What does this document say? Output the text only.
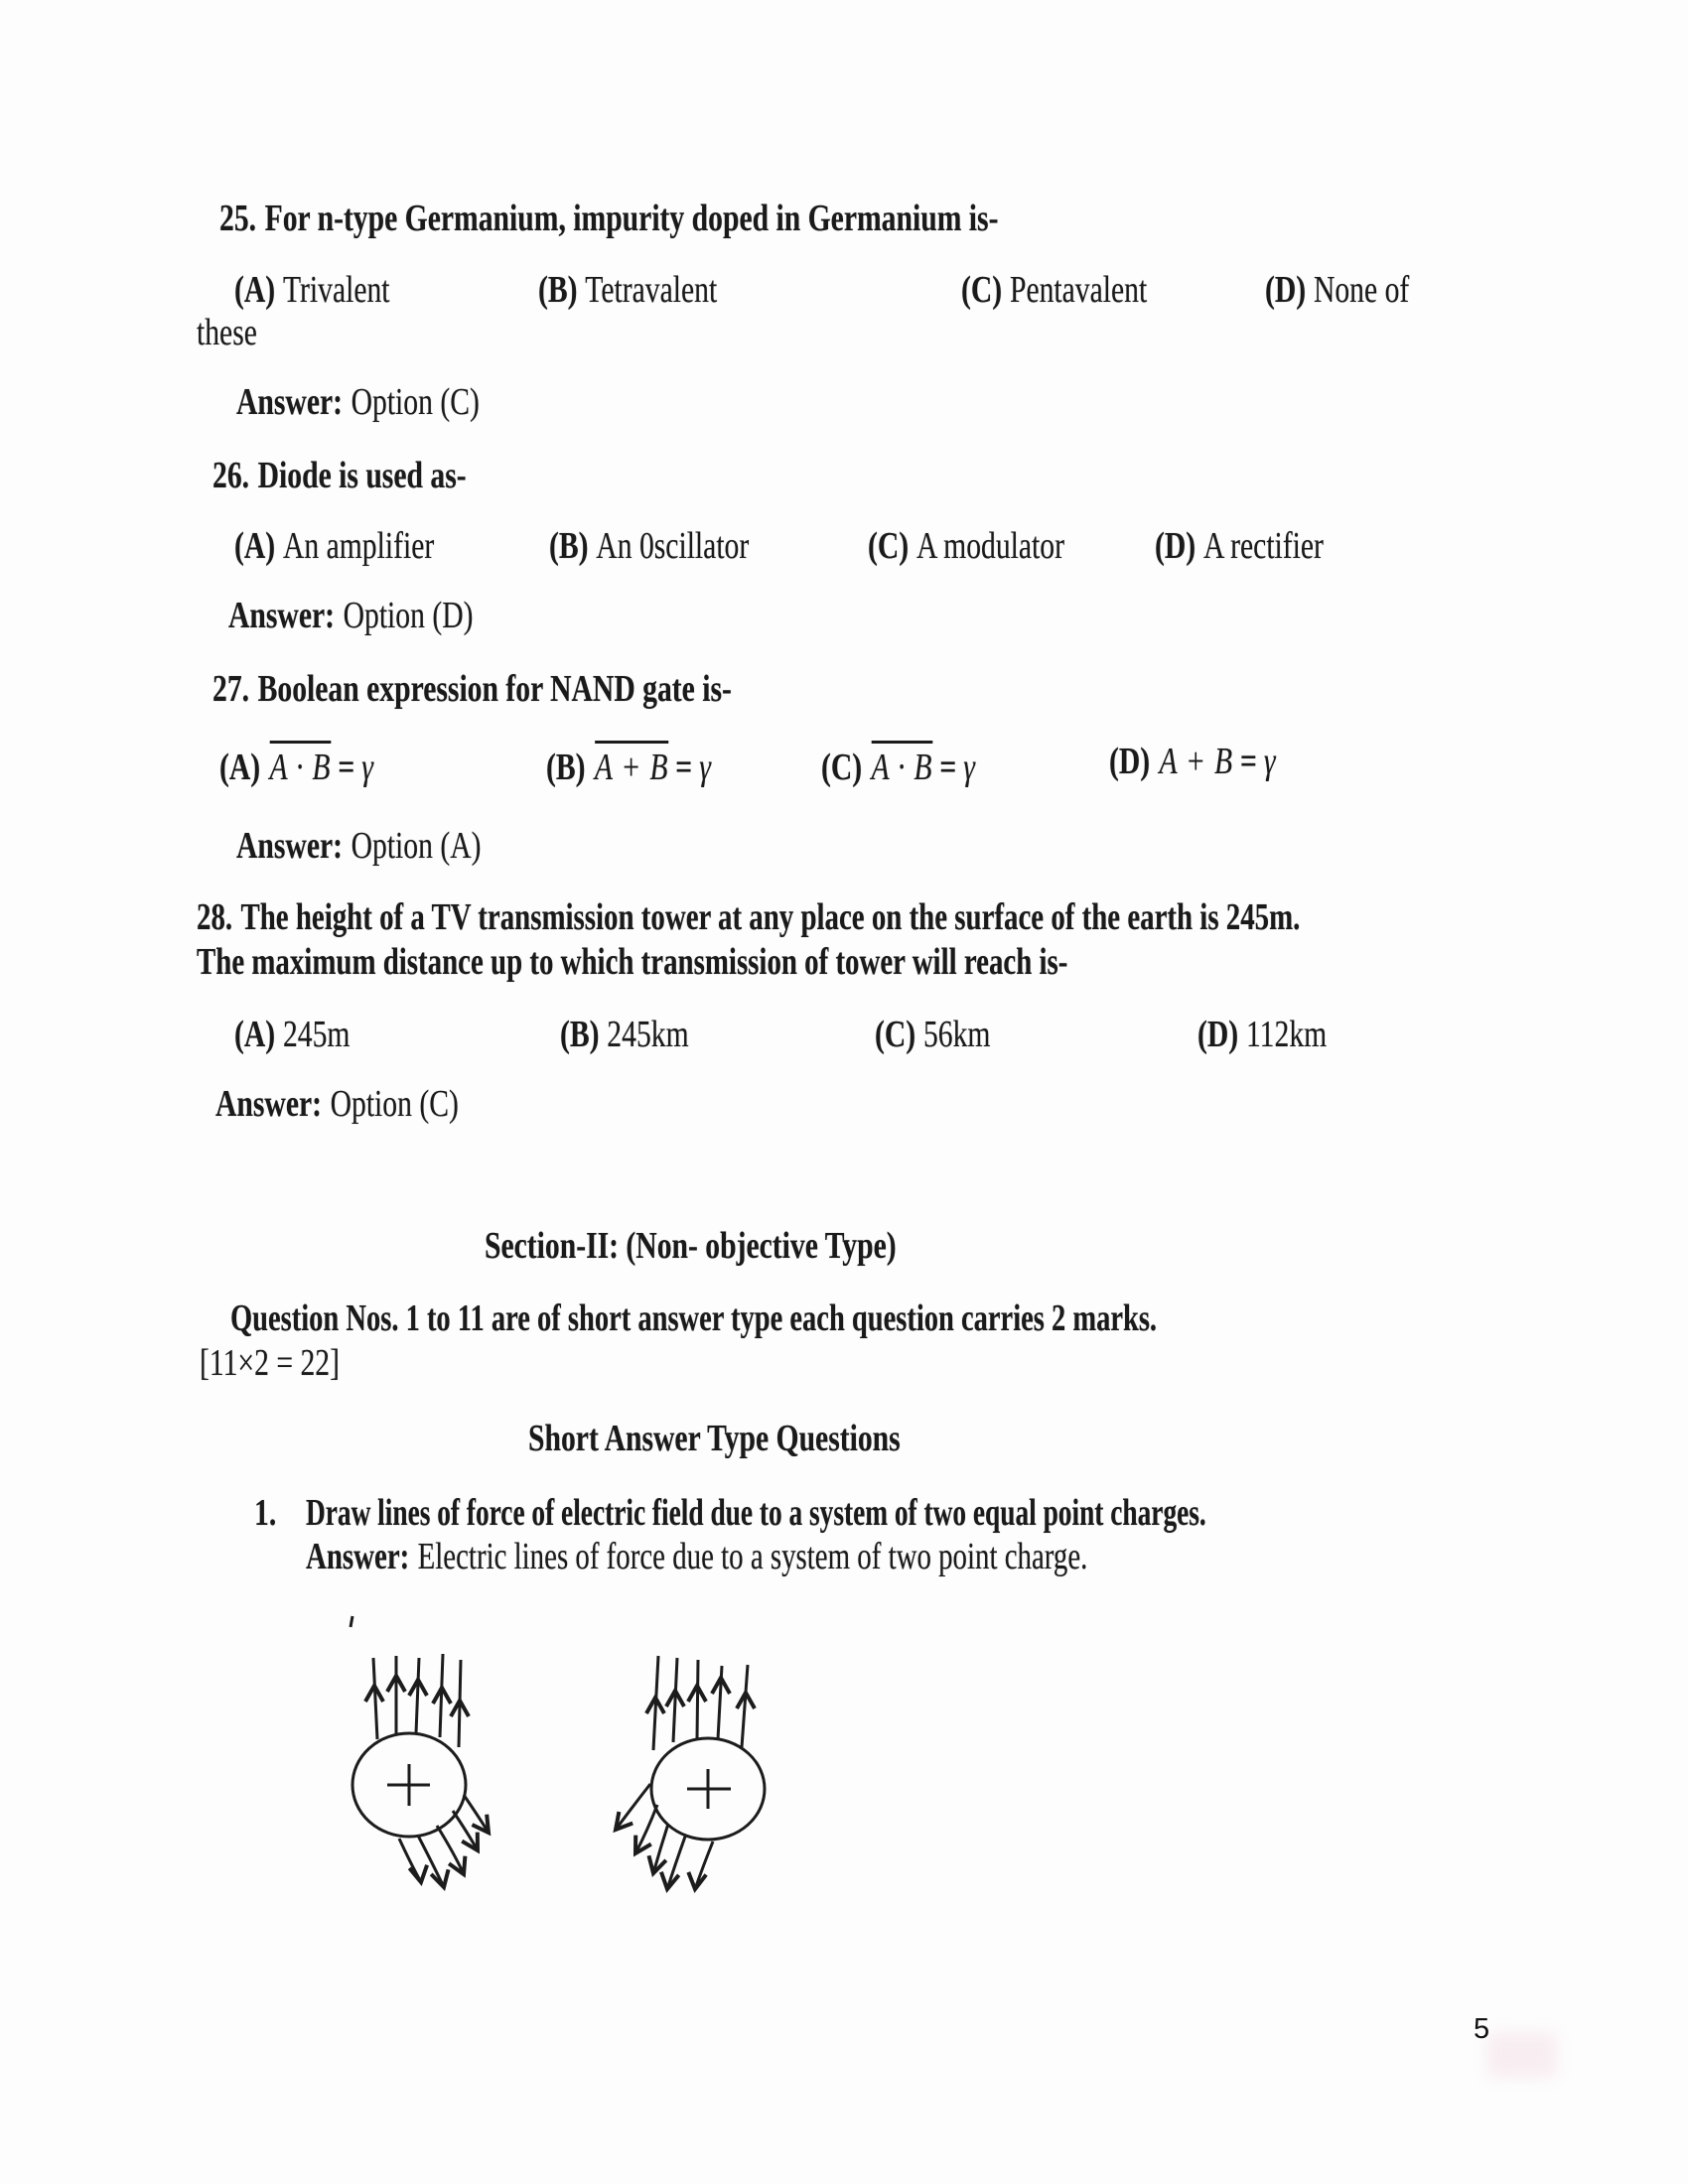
25. For n-type Germanium, impurity doped in Germanium is-
(A) Trivalent	(B) Tetravalent	(C) Pentavalent	(D) None of
these
Answer: Option (C)
26. Diode is used as-
(A) An amplifier	(B) An 0scillator	(C) A modulator (D) A rectifier
Answer: Option (D)
27. Boolean expression for NAND gate is-
(A) A · B = γ	(B) A + B = γ	(C) A · B = γ	(D) A + B = γ
Answer: Option (A)
28. The height of a TV transmission tower at any place on the surface of the earth is 245m.
The maximum distance up to which transmission of tower will reach is-
(A) 245m	(B) 245km	(C) 56km	(D) 112km
Answer: Option (C)
Section-II: (Non- objective Type)
Question Nos. 1 to 11 are of short answer type each question carries 2 marks.
[11×2 = 22]
Short Answer Type Questions
1. Draw lines of force of electric field due to a system of two equal point charges.
Answer: Electric lines of force due to a system of two point charge.
5
